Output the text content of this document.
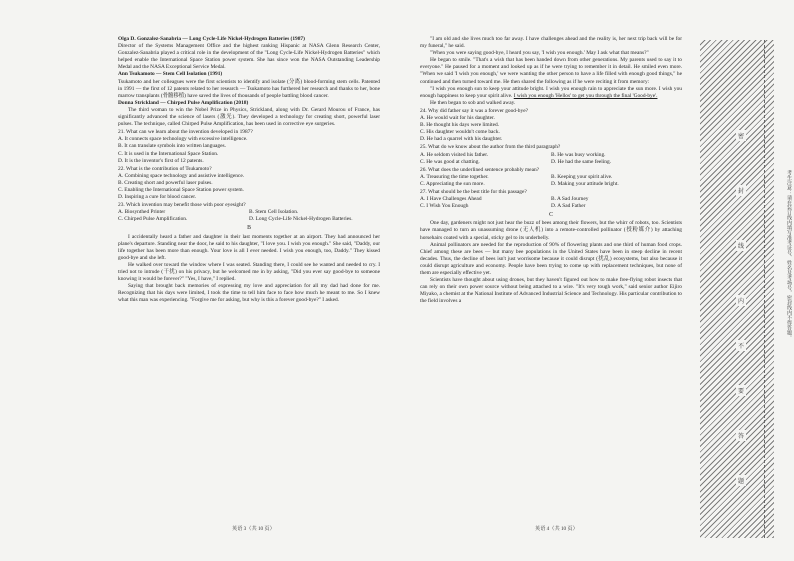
Olga D. Gonzalez-Sanabria — Long Cycle-Life Nickel-Hydrogen Batteries (1987)

Director of the Systems Management Office and the highest ranking Hispanic at NASA Glenn Research Center, Gonzalez-Sanabria played a critical role in the development of the "Long Cycle-Life Nickel-Hydrogen Batteries" which helped enable the International Space Station power system. She has since won the NASA Outstanding Leadership Medal and the NASA Exceptional Service Medal.

Ann Tsukamoto — Stem Cell Isolation (1991)

Tsukamoto and her colleagues were the first scientists to identify and isolate (分离) blood-forming stem cells. Patented in 1991 — the first of 12 patents related to her research — Tsukamoto has furthered her research and thanks to her, bone marrow transplants (骨髓移植) have saved the lives of thousands of people battling blood cancer.

Donna Strickland — Chirped Pulse Amplification (2018)

The third woman to win the Nobel Prize in Physics, Strickland, along with Dr. Gerard Mourou of France, has significantly advanced the science of lasers (激光). They developed a technology for creating short, powerful laser pulses. The technique, called Chirped Pulse Amplification, has been used in corrective eye surgeries.

21. What can we learn about the invention developed in 1987?

A. It connects space technology with excessive intelligence.

B. It can translate symbols into written languages.

C. It is used in the International Space Station.

D. It is the inventor's first of 12 patents.

22. What is the contribution of Tsukamoto?

A. Combining space technology and assistive intelligence.

B. Creating short and powerful laser pulses.

C. Enabling the International Space Station power system.

D. Inspiring a cure for blood cancer.

23. Which invention may benefit those with poor eyesight?

A. Biosynthed Printer	B. Stem Cell Isolation.
C. Chirped Pulse Amplification.	D. Long Cycle-Life Nickel-Hydrogen Batteries.
B

I accidentally heard a father and daughter in their last moments together at an airport. They had announced her plane's departure. Standing near the door, he said to his daughter, "I love you. I wish you enough." She said, "Daddy, our life together has been more than enough. Your love is all I ever needed. I wish you enough, too, Daddy." They kissed good-bye and she left.

He walked over toward the window where I was seated. Standing there, I could see he wanted and needed to cry. I tried not to intrude (干扰) on his privacy, but he welcomed me in by asking, "Did you ever say good-bye to someone knowing it would be forever?" "Yes, I have," I replied.

Saying that brought back memories of expressing my love and appreciation for all my dad had done for me. Recognizing that his days were limited, I took the time to tell him face to face how much he meant to me. So I knew what this man was experiencing. "Forgive me for asking, but why is this a forever good-bye?" I asked.

"I am old and she lives much too far away. I have challenges ahead and the reality is, her next trip back will be for my funeral," he said.

"When you were saying good-bye, I heard you say, 'I wish you enough.' May I ask what that means?"

He began to smile. "That's a wish that has been handed down from other generations. My parents used to say it to everyone." He paused for a moment and looked up as if he were trying to remember it in detail. He smiled even more. "When we said 'I wish you enough,' we were wanting the other person to have a life filled with enough good things," he continued and then turned toward me. He then shared the following as if he were reciting it from memory:

"I wish you enough sun to keep your attitude bright. I wish you enough rain to appreciate the sun more. I wish you enough happiness to keep your spirit alive. I wish you enough 'Hellos' to get you through the final 'Good-bye'.

He then began to sob and walked away.

24. Why did father say it was a forever good-bye?

A. He would wait for his daughter.

B. He thought his days were limited.

C. His daughter wouldn't come back.

D. He had a quarrel with his daughter.

25. What do we know about the author from the third paragraph?

A. He seldom visited his father.	B. He was busy working.
C. He was good at chatting.	D. He had the same feeling.

26. What does the underlined sentence probably mean?

A. Treasuring the time together.	B. Keeping your spirit alive.
C. Appreciating the sun more.	D. Making your attitude bright.

27. What should be the best title for this passage?

A. I Have Challenges Ahead	B. A Sad Journey
C. I Wish You Enough	D. A Sad Father
C

One day, gardeners might not just hear the buzz of bees among their flowers, but the whirr of robots, too. Scientists have managed to turn an unassuming drone (无人机) into a remote-controlled pollinator (授粉媒介) by attaching horsehairs coated with a special, sticky gel to its underbelly.

Animal pollinators are needed for the reproduction of 90% of flowering plants and one third of human food crops. Chief among these are bees — but many bee populations in the United States have been in steep decline in recent decades. Thus, the decline of bees isn't just worrisome because it could disrupt (扰乱) ecosystems, but also because it could disrupt agriculture and economy. People have been trying to come up with replacement techniques, but none of them are especially effective yet.

Scientists have thought about using drones, but they haven't figured out how to make free-flying robot insects that can rely on their own power source without being attached to a wire. "It's very tough work," said senior author Eijiro Miyako, a chemist at the National Institute of Advanced Industrial Science and Technology. His particular contribution to the field involves a

英语 3（共 10 页）	英语 4（共 10 页）
密
封
线
内
不
要
答
题
考生注意：请在装订线内填写准考证号、姓名及考场号，密封线内不得答题。
